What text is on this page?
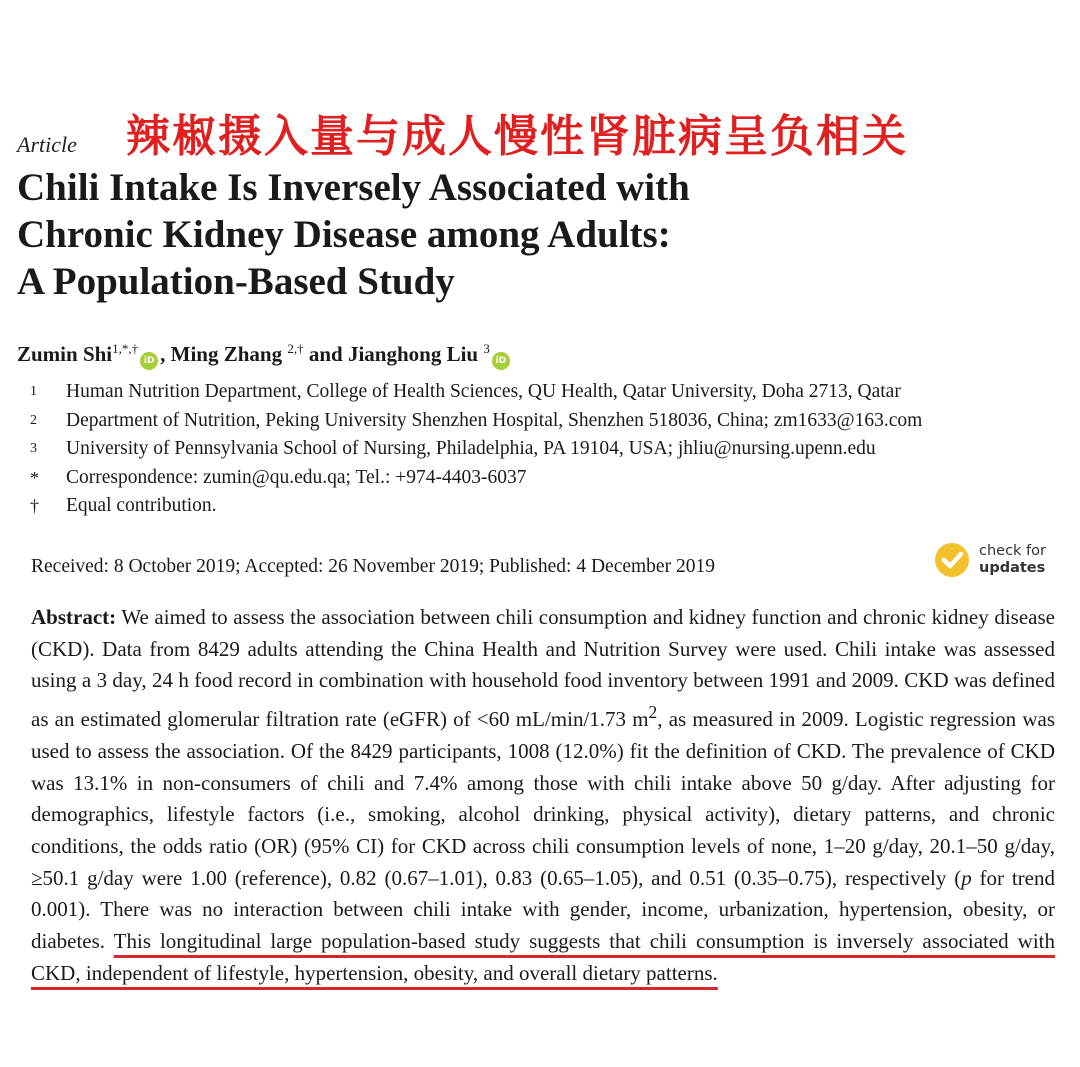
辣椒摄入量与成人慢性肾脏病呈负相关
Article
Chili Intake Is Inversely Associated with
Chronic Kidney Disease among Adults:
A Population-Based Study
Zumin Shi$^{1,*,\dagger}$iD , Ming Zhang $^{2,\dagger}$ and Jianghong Liu $^3$iD
1	Human Nutrition Department, College of Health Sciences, QU Health, Qatar University, Doha 2713, Qatar
2	Department of Nutrition, Peking University Shenzhen Hospital, Shenzhen 518036, China; zm1633@163.com
3	University of Pennsylvania School of Nursing, Philadelphia, PA 19104, USA; jhliu@nursing.upenn.edu
*	Correspondence: zumin@qu.edu.qa; Tel.: +974-4403-6037
†	Equal contribution.
Received: 8 October 2019; Accepted: 26 November 2019; Published: 4 December 2019
check for
updates
Abstract: We aimed to assess the association between chili consumption and kidney function and chronic kidney disease (CKD). Data from 8429 adults attending the China Health and Nutrition Survey were used. Chili intake was assessed using a 3 day, 24 h food record in combination with household food inventory between 1991 and 2009. CKD was defined as an estimated glomerular filtration rate (eGFR) of <60 mL/min/1.73 $m^2$, as measured in 2009. Logistic regression was used to assess the association. Of the 8429 participants, 1008 (12.0%) fit the definition of CKD. The prevalence of CKD was 13.1% in non-consumers of chili and 7.4% among those with chili intake above 50 g/day. After adjusting for demographics, lifestyle factors (i.e., smoking, alcohol drinking, physical activity), dietary patterns, and chronic conditions, the odds ratio (OR) (95% CI) for CKD across chili consumption levels of none, 1–20 g/day, 20.1–50 g/day, ≥50.1 g/day were 1.00 (reference), 0.82 (0.67–1.01), 0.83 (0.65–1.05), and 0.51 (0.35–0.75), respectively (p for trend 0.001). There was no interaction between chili intake with gender, income, urbanization, hypertension, obesity, or diabetes. This longitudinal large population-based study suggests that chili consumption is inversely associated with CKD, independent of lifestyle, hypertension, obesity, and overall dietary patterns.
